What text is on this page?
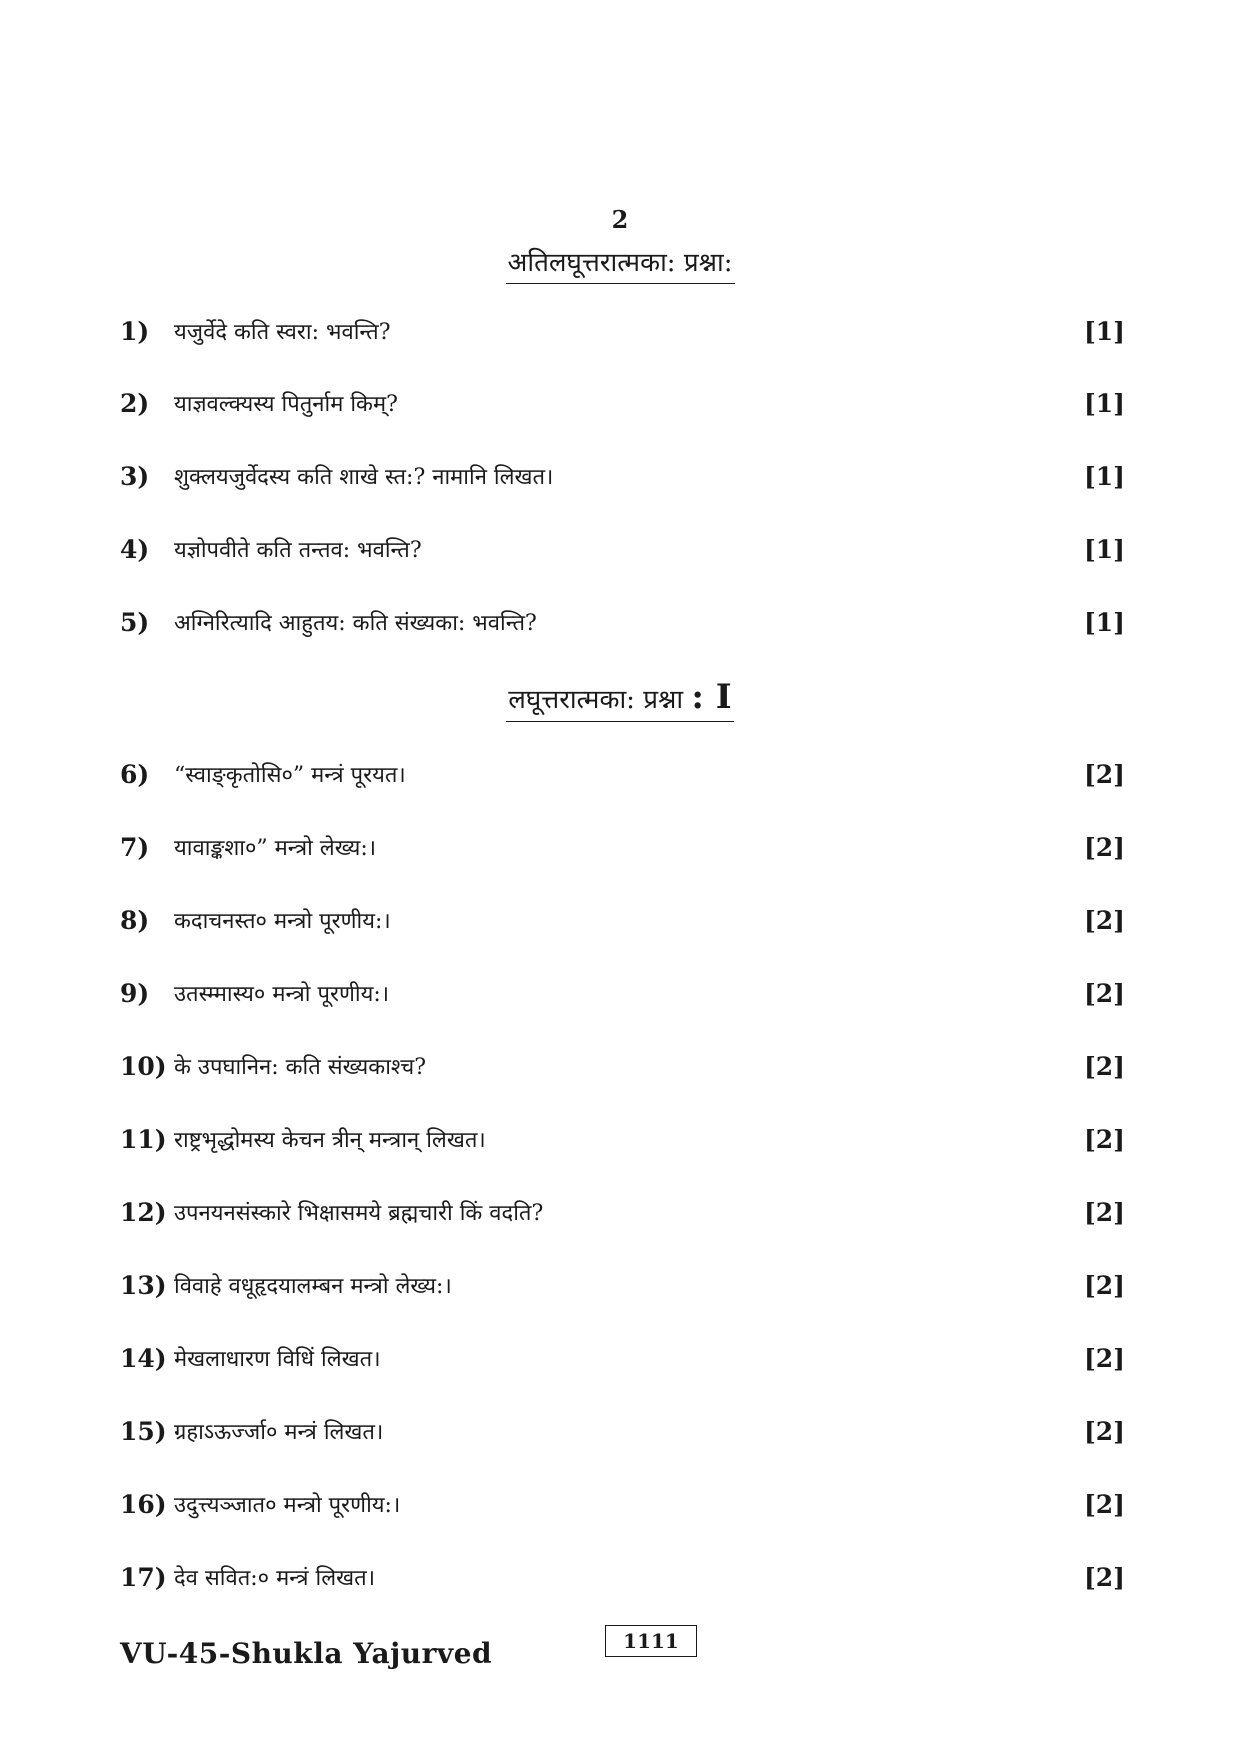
2
अतिलघूत्तरात्मका: प्रश्ना:
1)	यजुर्वेदे कति स्वरा: भवन्ति?	[1]
2)	याज्ञवल्क्यस्य पितुर्नाम किम्?	[1]
3)	शुक्लयजुर्वेदस्य कति शाखे स्त:? नामानि लिखत।	[1]
4)	यज्ञोपवीते कति तन्तव: भवन्ति?	[1]
5)	अग्निरित्यादि आहुतय: कति संख्यका: भवन्ति?	[1]
लघूत्तरात्मका: प्रश्ना : I
6)	“स्वाङ्कृतोसि०” मन्त्रं पूरयत।	[2]
7)	यावाङ्कशा०” मन्त्रो लेख्य:।	[2]
8)	कदाचनस्त० मन्त्रो पूरणीय:।	[2]
9)	उतस्म्मास्य० मन्त्रो पूरणीय:।	[2]
10) के उपघानिन: कति संख्यकाश्च?	[2]
11) राष्ट्रभृद्धोमस्य केचन त्रीन् मन्त्रान् लिखत।	[2]
12) उपनयनसंस्कारे भिक्षासमये ब्रह्मचारी किं वदति?	[2]
13) विवाहे वधूहृदयालम्बन मन्त्रो लेख्य:।	[2]
14) मेखलाधारण विधिं लिखत।	[2]
15) ग्रहाऽऊर्ज्जा० मन्त्रं लिखत।	[2]
16) उदुत्त्यञ्जात० मन्त्रो पूरणीय:।	[2]
17) देव सवित:० मन्त्रं लिखत।	[2]
VU-45-Shukla Yajurved	1111
